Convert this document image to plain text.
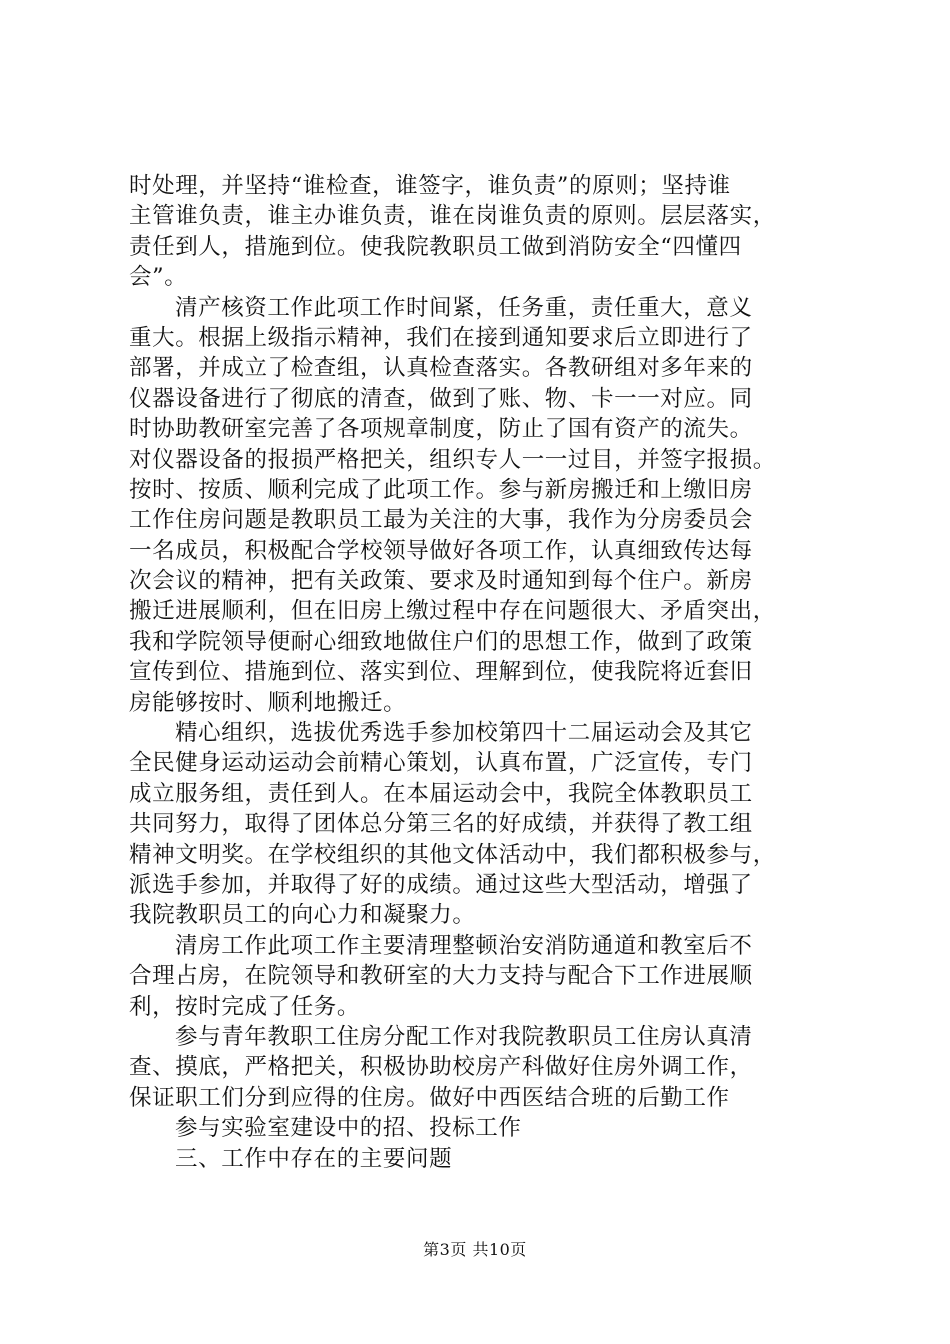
时处理，并坚持“谁检查，谁签字，谁负责”的原则；坚持谁
主管谁负责，谁主办谁负责，谁在岗谁负责的原则。层层落实，
责任到人，措施到位。使我院教职员工做到消防安全“四懂四
会”。
清产核资工作此项工作时间紧，任务重，责任重大，意义
重大。根据上级指示精神，我们在接到通知要求后立即进行了
部署，并成立了检查组，认真检查落实。各教研组对多年来的
仪器设备进行了彻底的清查，做到了账、物、卡一一对应。同
时协助教研室完善了各项规章制度，防止了国有资产的流失。
对仪器设备的报损严格把关，组织专人一一过目，并签字报损。
按时、按质、顺利完成了此项工作。参与新房搬迁和上缴旧房
工作住房问题是教职员工最为关注的大事，我作为分房委员会
一名成员，积极配合学校领导做好各项工作，认真细致传达每
次会议的精神，把有关政策、要求及时通知到每个住户。新房
搬迁进展顺利，但在旧房上缴过程中存在问题很大、矛盾突出，
我和学院领导便耐心细致地做住户们的思想工作，做到了政策
宣传到位、措施到位、落实到位、理解到位，使我院将近套旧
房能够按时、顺利地搬迁。
精心组织，选拔优秀选手参加校第四十二届运动会及其它
全民健身运动运动会前精心策划，认真布置，广泛宣传，专门
成立服务组，责任到人。在本届运动会中，我院全体教职员工
共同努力，取得了团体总分第三名的好成绩，并获得了教工组
精神文明奖。在学校组织的其他文体活动中，我们都积极参与，
派选手参加，并取得了好的成绩。通过这些大型活动，增强了
我院教职员工的向心力和凝聚力。
清房工作此项工作主要清理整顿治安消防通道和教室后不
合理占房，在院领导和教研室的大力支持与配合下工作进展顺
利，按时完成了任务。
参与青年教职工住房分配工作对我院教职员工住房认真清
查、摸底，严格把关，积极协助校房产科做好住房外调工作，
保证职工们分到应得的住房。做好中西医结合班的后勤工作
参与实验室建设中的招、投标工作
三、工作中存在的主要问题
第3页 共10页
